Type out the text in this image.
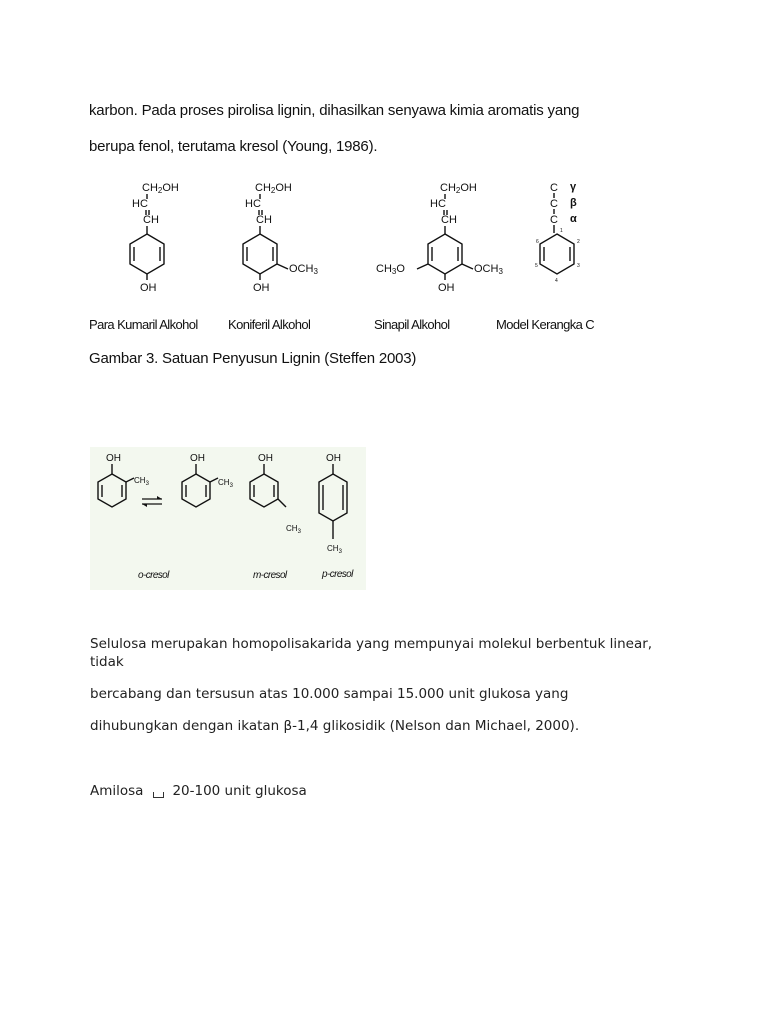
karbon. Pada proses pirolisa lignin, dihasilkan senyawa kimia aromatis yang
berupa fenol, terutama kresol (Young, 1986).
CH2OH
HC
CH
OH
CH2OH
HC
CH
OCH3
OH
CH2OH
HC
CH
OCH3
CH3O
OH
C
C
C
γ
β
α
6
1
2
3
4
5
Para Kumaril Alkohol Koniferil Alkohol	Sinapil Alkohol	Model Kerangka C
Gambar 3. Satuan Penyusun Lignin (Steffen 2003)
OH
$CH_3$
OH
$CH_3$
OH
$CH_3$
OH
$CH_3$
o-cresol	m-cresol	p-cresol
Selulosa merupakan homopolisakarida yang mempunyai molekul berbentuk linear,
tidak
bercabang dan tersusun atas 10.000 sampai 15.000 unit glukosa yang
dihubungkan dengan ikatan β-1,4 glikosidik (Nelson dan Michael, 2000).
Amilosa 20-100 unit glukosa
